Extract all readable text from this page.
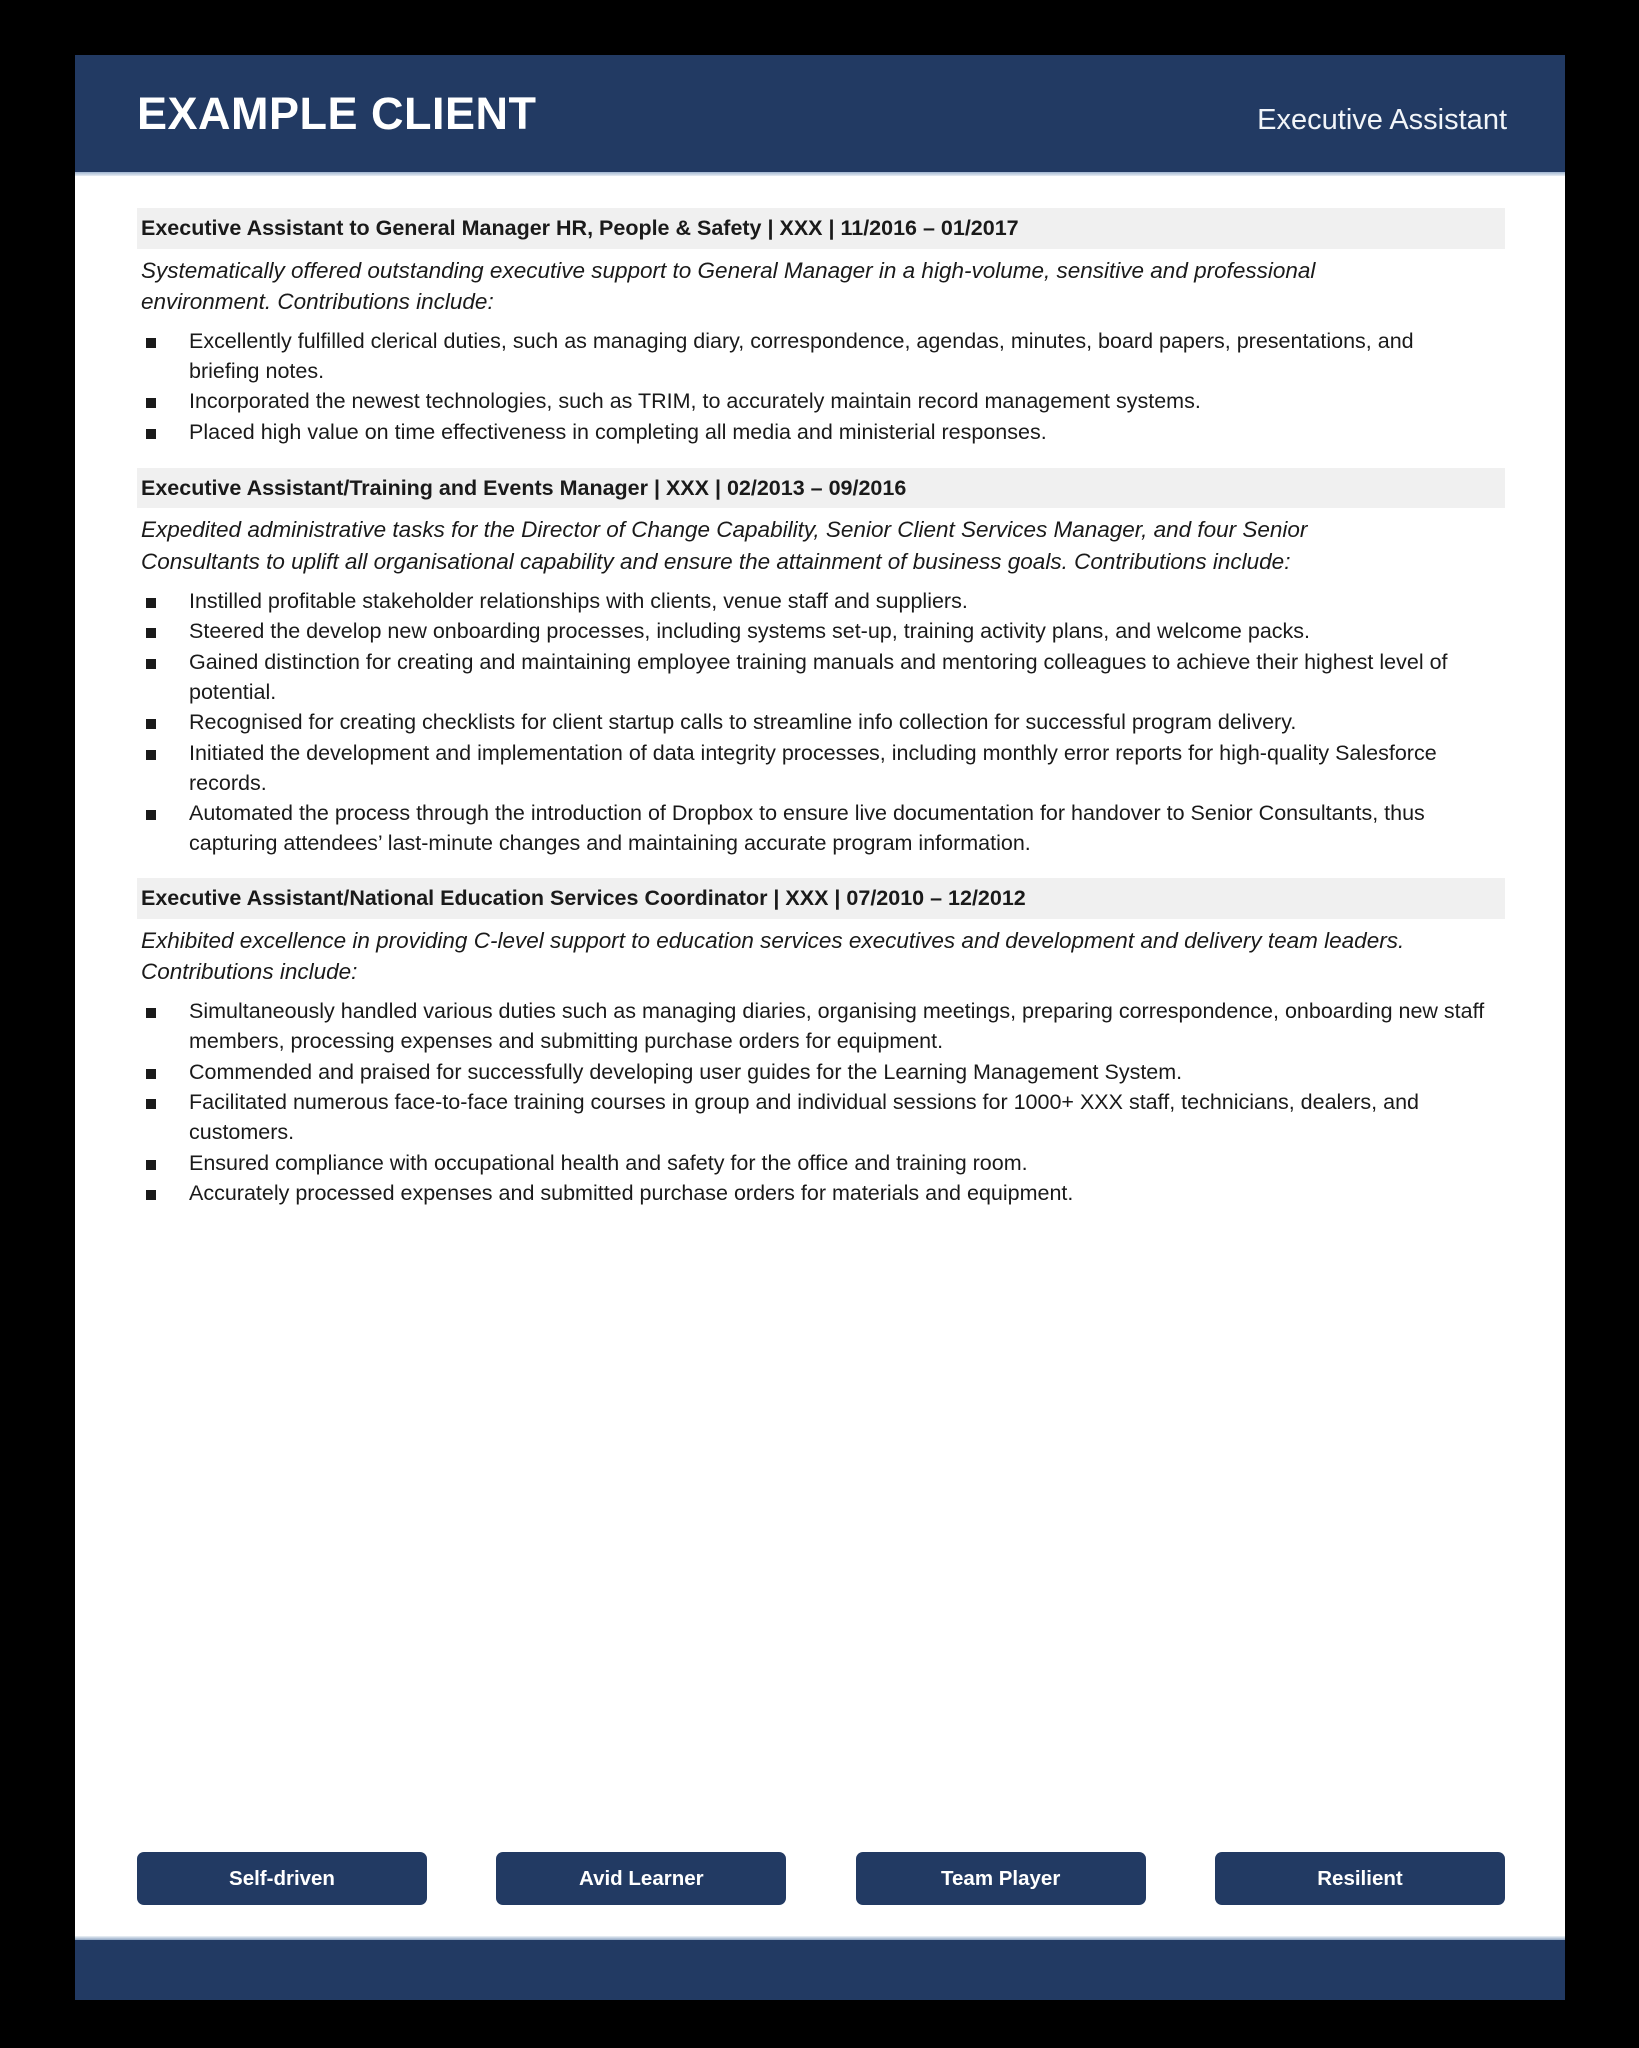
EXAMPLE CLIENT	Executive Assistant
Executive Assistant to General Manager HR, People & Safety | XXX | 11/2016 – 01/2017

Systematically offered outstanding executive support to General Manager in a high-volume, sensitive and professional environment. Contributions include:

Excellently fulfilled clerical duties, such as managing diary, correspondence, agendas, minutes, board papers, presentations, and briefing notes.
Incorporated the newest technologies, such as TRIM, to accurately maintain record management systems.
Placed high value on time effectiveness in completing all media and ministerial responses.
Executive Assistant/Training and Events Manager | XXX | 02/2013 – 09/2016

Expedited administrative tasks for the Director of Change Capability, Senior Client Services Manager, and four Senior Consultants to uplift all organisational capability and ensure the attainment of business goals. Contributions include:

Instilled profitable stakeholder relationships with clients, venue staff and suppliers.
Steered the develop new onboarding processes, including systems set-up, training activity plans, and welcome packs.
Gained distinction for creating and maintaining employee training manuals and mentoring colleagues to achieve their highest level of potential.
Recognised for creating checklists for client startup calls to streamline info collection for successful program delivery.
Initiated the development and implementation of data integrity processes, including monthly error reports for high-quality Salesforce records.
Automated the process through the introduction of Dropbox to ensure live documentation for handover to Senior Consultants, thus capturing attendees’ last-minute changes and maintaining accurate program information.
Executive Assistant/National Education Services Coordinator | XXX | 07/2010 – 12/2012

Exhibited excellence in providing C-level support to education services executives and development and delivery team leaders. Contributions include:

Simultaneously handled various duties such as managing diaries, organising meetings, preparing correspondence, onboarding new staff members, processing expenses and submitting purchase orders for equipment.
Commended and praised for successfully developing user guides for the Learning Management System.
Facilitated numerous face-to-face training courses in group and individual sessions for 1000+ XXX staff, technicians, dealers, and customers.
Ensured compliance with occupational health and safety for the office and training room.
Accurately processed expenses and submitted purchase orders for materials and equipment.
Self-driven	Avid Learner	Team Player	Resilient
